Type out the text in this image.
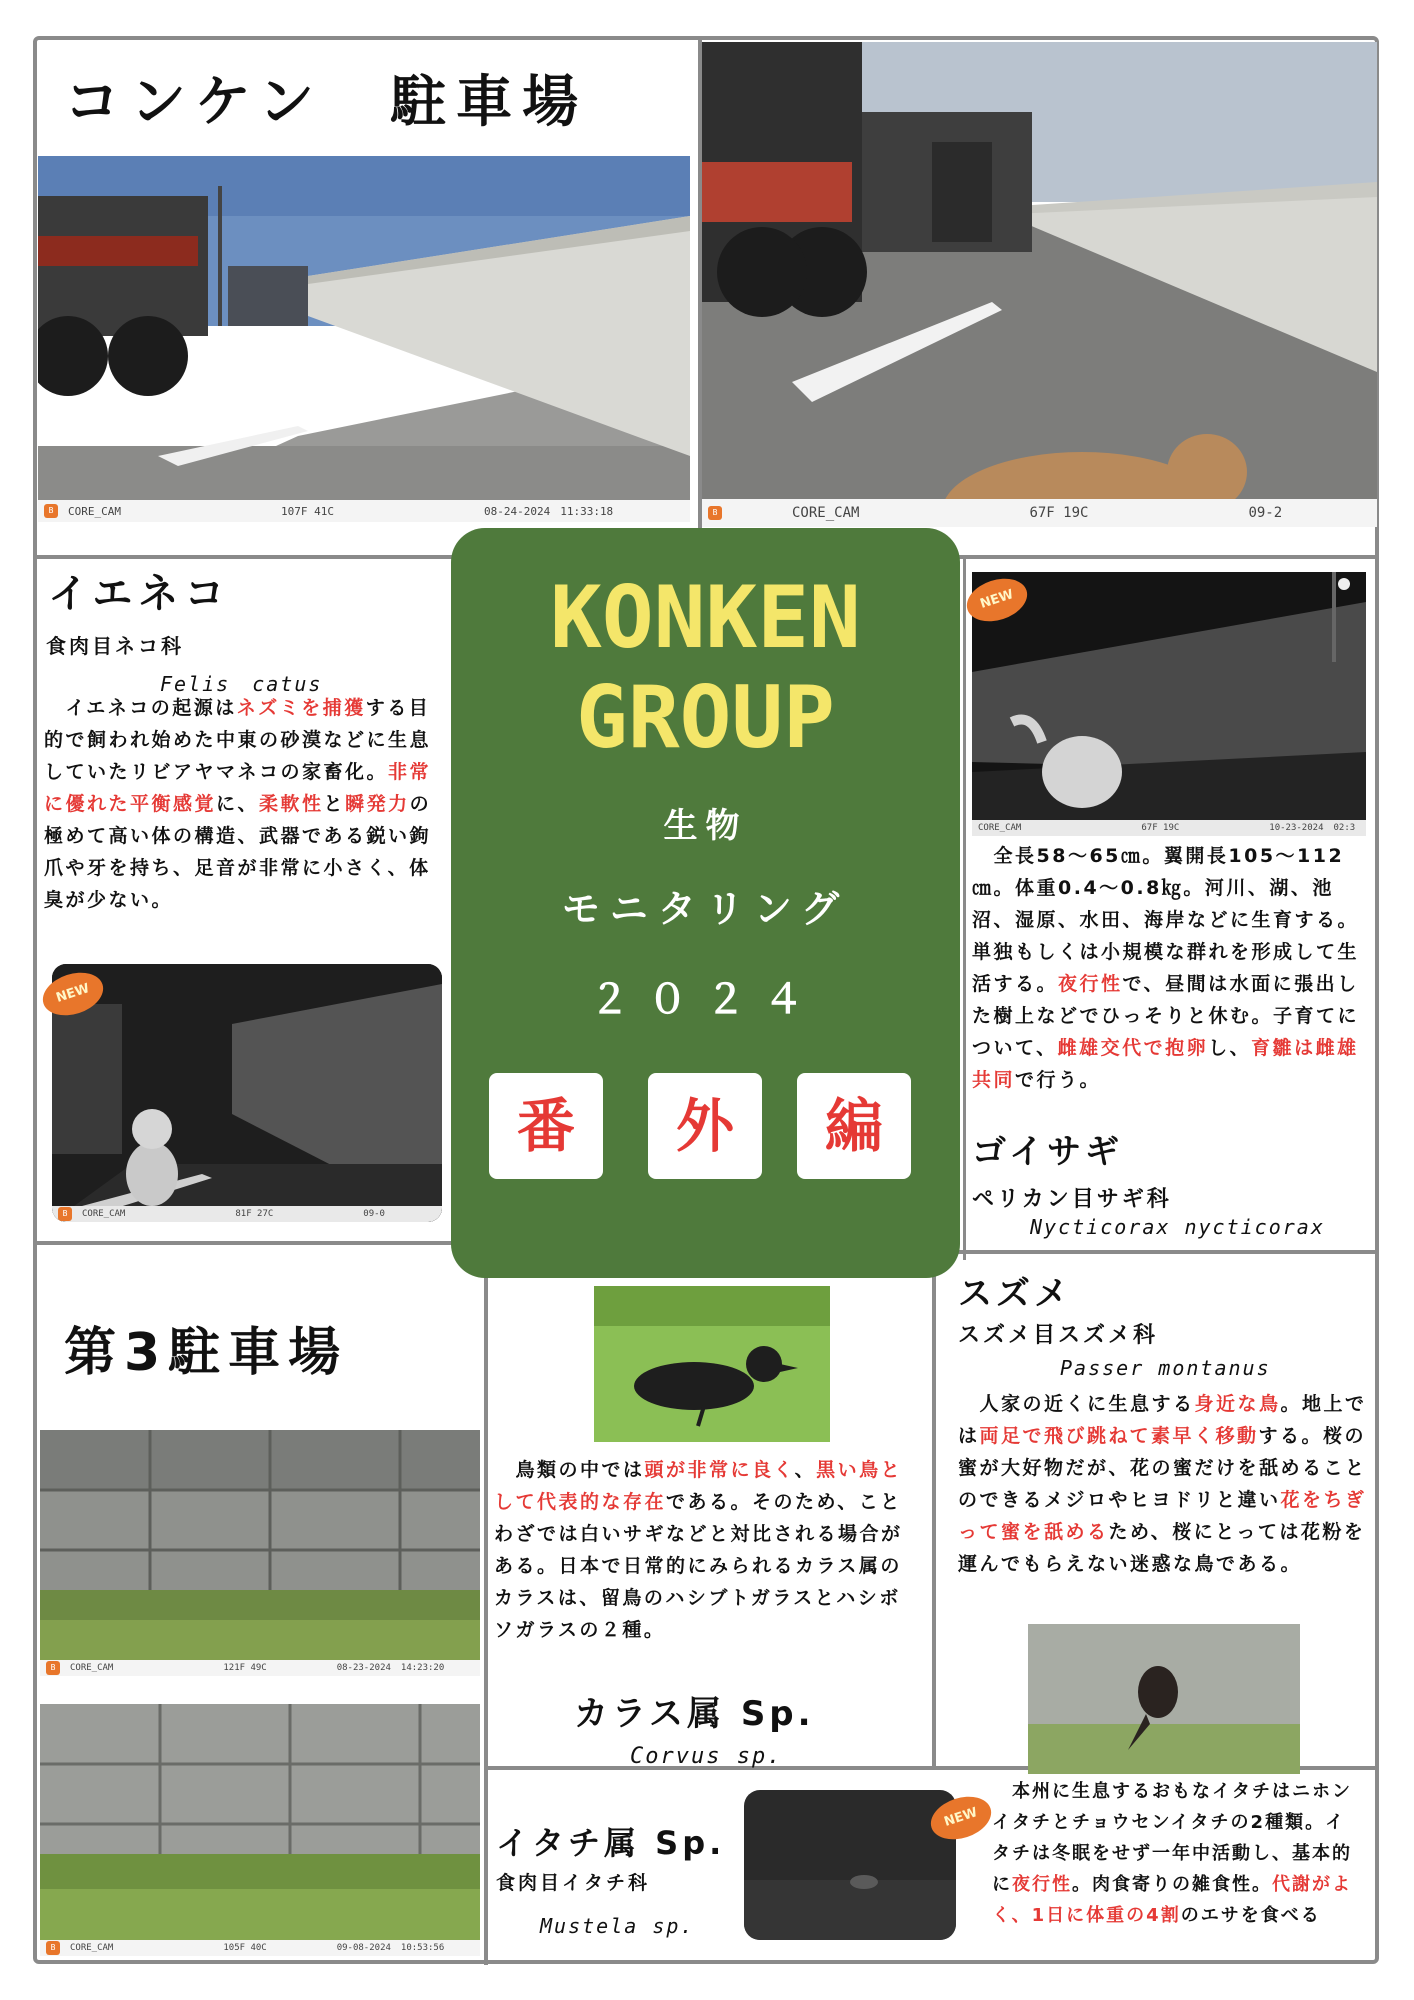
コンケン　駐車場
B	CORE_CAM	107F 41C	08-24-2024 11:33:18	B	CORE_CAM	67F 19C	09-2
イエネコ
食肉目ネコ科
Felis　catus
　イエネコの起源はネズミを捕獲する目的で飼われ始めた中東の砂漠などに生息していたリビアヤマネコの家畜化。非常に優れた平衡感覚に、柔軟性と瞬発力の極めて高い体の構造、武器である鋭い鉤爪や牙を持ち、足音が非常に小さく、体臭が少ない。
B	CORE_CAM	81F 27C	09-0
NEW
KONKEN
GROUP
生物
モニタリング
２０２４
番	外	編
CORE_CAM	67F 19C	10-23-2024 02:3
NEW
　全長58～65㎝。翼開長105～112㎝。体重0.4～0.8㎏。河川、湖、池沼、湿原、水田、海岸などに生育する。単独もしくは小規模な群れを形成して生活する。夜行性で、昼間は水面に張出した樹上などでひっそりと休む。子育てについて、雌雄交代で抱卵し、育雛は雌雄共同で行う。
ゴイサギ
ペリカン目サギ科
Nycticorax nycticorax
第3駐車場
B	CORE_CAM	121F 49C	08-23-2024 14:23:20
B	CORE_CAM	105F 40C	09-08-2024 10:53:56
　鳥類の中では頭が非常に良く、黒い鳥として代表的な存在である。そのため、ことわざでは白いサギなどと対比される場合がある。日本で日常的にみられるカラス属のカラスは、留鳥のハシブトガラスとハシボソガラスの２種。
カラス属 Sp.
Corvus sp.
スズメ
スズメ目スズメ科
Passer montanus
　人家の近くに生息する身近な鳥。地上では両足で飛び跳ねて素早く移動する。桜の蜜が大好物だが、花の蜜だけを舐めることのできるメジロやヒヨドリと違い花をちぎって蜜を舐めるため、桜にとっては花粉を運んでもらえない迷惑な鳥である。
イタチ属 Sp.
食肉目イタチ科
Mustela sp.
NEW
　本州に生息するおもなイタチはニホンイタチとチョウセンイタチの2種類。イタチは冬眠をせず一年中活動し、基本的に夜行性。肉食寄りの雑食性。代謝がよく、1日に体重の4割のエサを食べる
